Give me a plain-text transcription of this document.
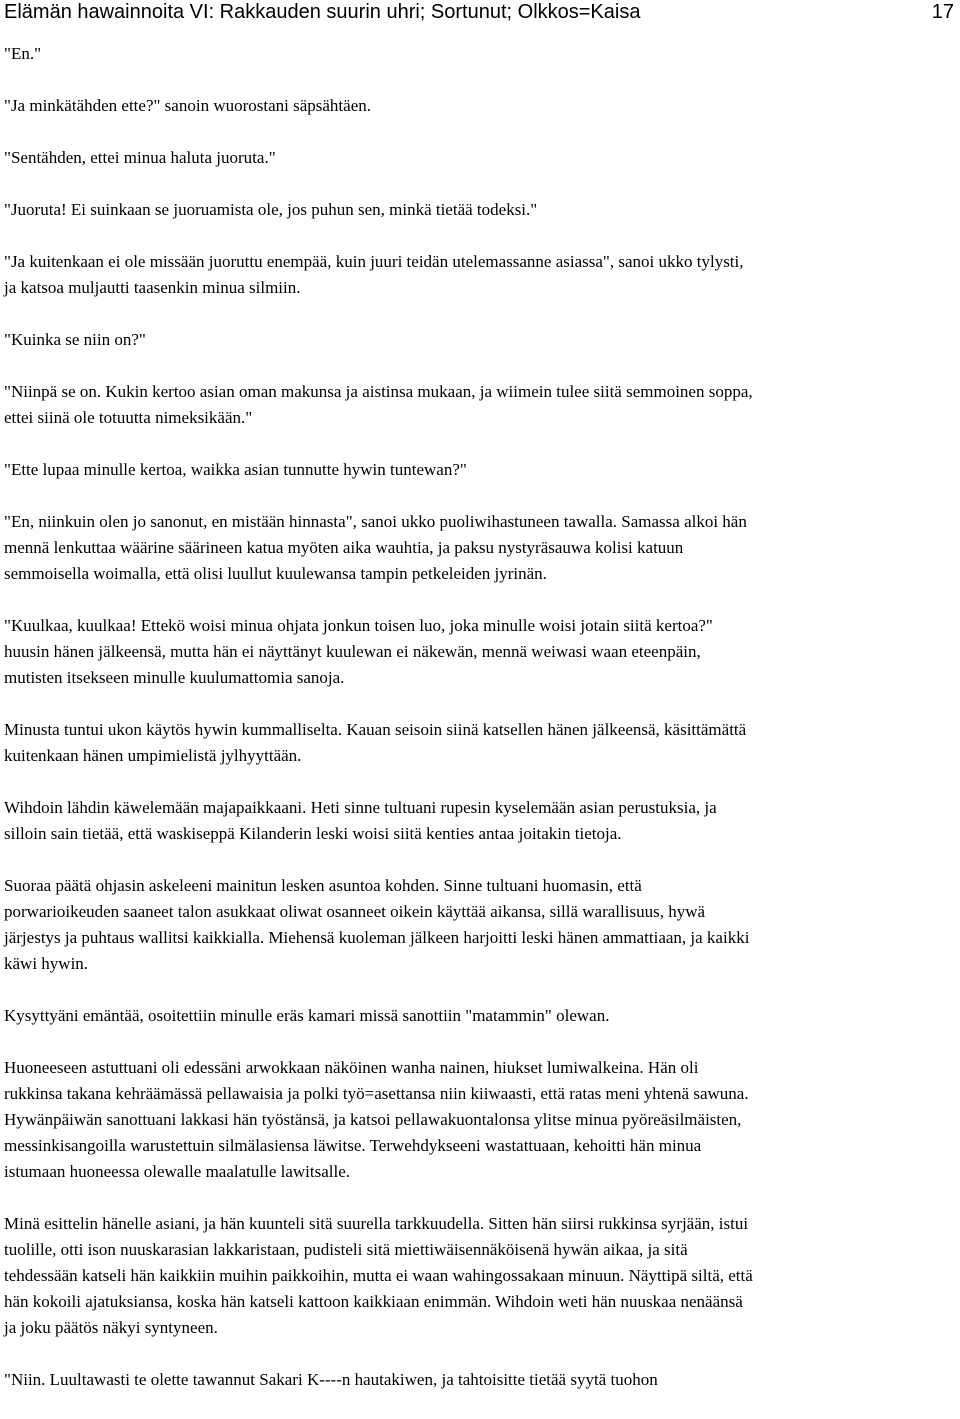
Elämän hawainnoita VI: Rakkauden suurin uhri; Sortunut; Olkkos=Kaisa	17

"En."

"Ja minkätähden ette?" sanoin wuorostani säpsähtäen.

"Sentähden, ettei minua haluta juoruta."

"Juoruta! Ei suinkaan se juoruamista ole, jos puhun sen, minkä tietää todeksi."

"Ja kuitenkaan ei ole missään juoruttu enempää, kuin juuri teidän utelemassanne asiassa", sanoi ukko tylysti,
ja katsoa muljautti taasenkin minua silmiin.

"Kuinka se niin on?"

"Niinpä se on. Kukin kertoo asian oman makunsa ja aistinsa mukaan, ja wiimein tulee siitä semmoinen soppa,
ettei siinä ole totuutta nimeksikään."

"Ette lupaa minulle kertoa, waikka asian tunnutte hywin tuntewan?"

"En, niinkuin olen jo sanonut, en mistään hinnasta", sanoi ukko puoliwihastuneen tawalla. Samassa alkoi hän
mennä lenkuttaa wäärine säärineen katua myöten aika wauhtia, ja paksu nystyräsauwa kolisi katuun
semmoisella woimalla, että olisi luullut kuulewansa tampin petkeleiden jyrinän.

"Kuulkaa, kuulkaa! Ettekö woisi minua ohjata jonkun toisen luo, joka minulle woisi jotain siitä kertoa?"
huusin hänen jälkeensä, mutta hän ei näyttänyt kuulewan ei näkewän, mennä weiwasi waan eteenpäin,
mutisten itsekseen minulle kuulumattomia sanoja.

Minusta tuntui ukon käytös hywin kummalliselta. Kauan seisoin siinä katsellen hänen jälkeensä, käsittämättä
kuitenkaan hänen umpimielistä jylhyyttään.

Wihdoin lähdin käwelemään majapaikkaani. Heti sinne tultuani rupesin kyselemään asian perustuksia, ja
silloin sain tietää, että waskiseppä Kilanderin leski woisi siitä kenties antaa joitakin tietoja.

Suoraa päätä ohjasin askeleeni mainitun lesken asuntoa kohden. Sinne tultuani huomasin, että
porwarioikeuden saaneet talon asukkaat oliwat osanneet oikein käyttää aikansa, sillä warallisuus, hywä
järjestys ja puhtaus wallitsi kaikkialla. Miehensä kuoleman jälkeen harjoitti leski hänen ammattiaan, ja kaikki
käwi hywin.

Kysyttyäni emäntää, osoitettiin minulle eräs kamari missä sanottiin "matammin" olewan.

Huoneeseen astuttuani oli edessäni arwokkaan näköinen wanha nainen, hiukset lumiwalkeina. Hän oli
rukkinsa takana kehräämässä pellawaisia ja polki työ=asettansa niin kiiwaasti, että ratas meni yhtenä sawuna.
Hywänpäiwän sanottuani lakkasi hän työstänsä, ja katsoi pellawakuontalonsa ylitse minua pyöreäsilmäisten,
messinkisangoilla warustettuin silmälasiensa läwitse. Terwehdykseeni wastattuaan, kehoitti hän minua
istumaan huoneessa olewalle maalatulle lawitsalle.

Minä esittelin hänelle asiani, ja hän kuunteli sitä suurella tarkkuudella. Sitten hän siirsi rukkinsa syrjään, istui
tuolille, otti ison nuuskarasian lakkaristaan, pudisteli sitä miettiwäisennäköisenä hywän aikaa, ja sitä
tehdessään katseli hän kaikkiin muihin paikkoihin, mutta ei waan wahingossakaan minuun. Näyttipä siltä, että
hän kokoili ajatuksiansa, koska hän katseli kattoon kaikkiaan enimmän. Wihdoin weti hän nuuskaa nenäänsä
ja joku päätös näkyi syntyneen.

"Niin. Luultawasti te olette tawannut Sakari K----n hautakiwen, ja tahtoisitte tietää syytä tuohon
